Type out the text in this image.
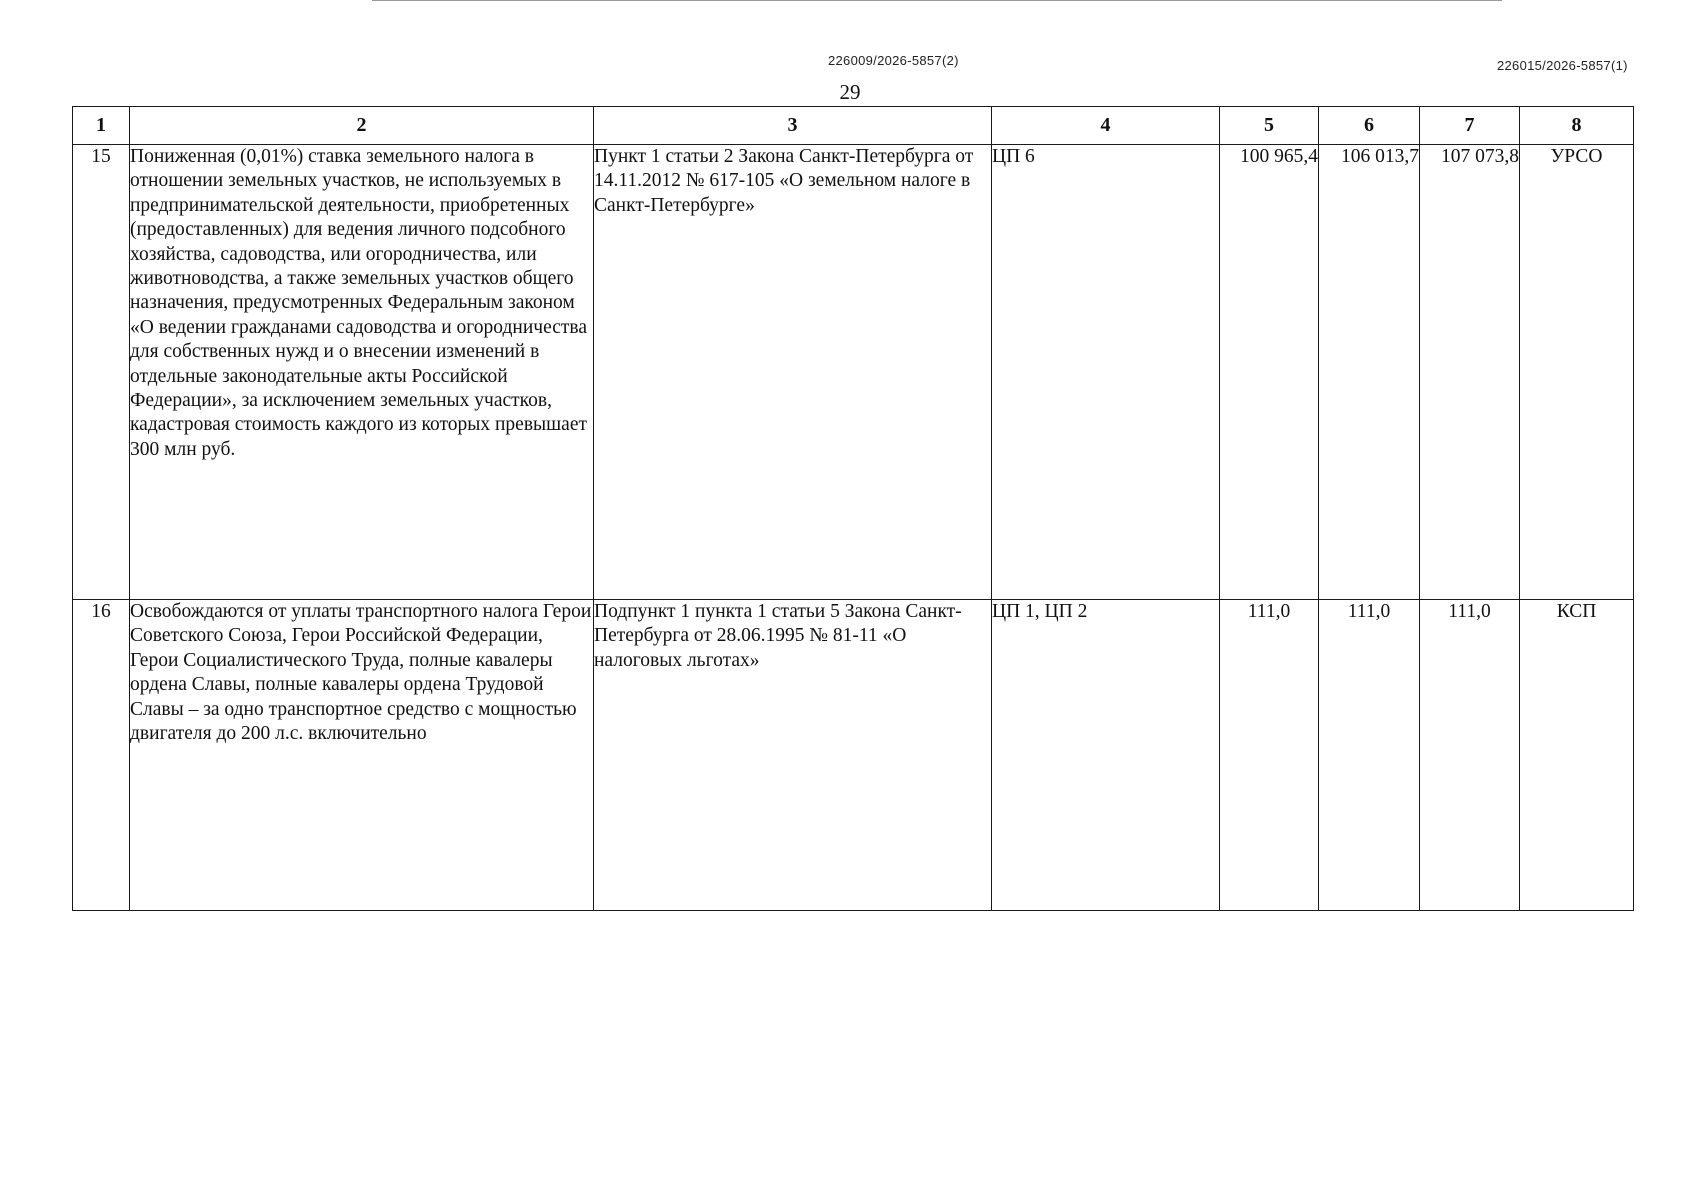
226009/2026-5857(2)	226015/2026-5857(1)
29
1	2	3	4	5	6	7	8
15	Пониженная (0,01%) ставка земельного налога в отношении земельных участков, не используемых в предпринимательской деятельности, приобретенных (предоставленных) для ведения личного подсобного хозяйства, садоводства, или огородничества, или животноводства, а также земельных участков общего назначения, предусмотренных Федеральным законом «О ведении гражданами садоводства и огородничества для собственных нужд и о внесении изменений в отдельные законодательные акты Российской Федерации», за исключением земельных участков, кадастровая стоимость каждого из которых превышает 300 млн руб.	Пункт 1 статьи 2 Закона Санкт-Петербурга от 14.11.2012 № 617-105 «О земельном налоге в Санкт-Петербурге»	ЦП 6	100 965,4	106 013,7	107 073,8	УРСО
16	Освобождаются от уплаты транспортного налога Герои Советского Союза, Герои Российской Федерации, Герои Социалистического Труда, полные кавалеры ордена Славы, полные кавалеры ордена Трудовой Славы – за одно транспортное средство с мощностью двигателя до 200 л.с. включительно	Подпункт 1 пункта 1 статьи 5 Закона Санкт-Петербурга от 28.06.1995 № 81-11 «О налоговых льготах»	ЦП 1, ЦП 2	111,0	111,0	111,0	КСП
